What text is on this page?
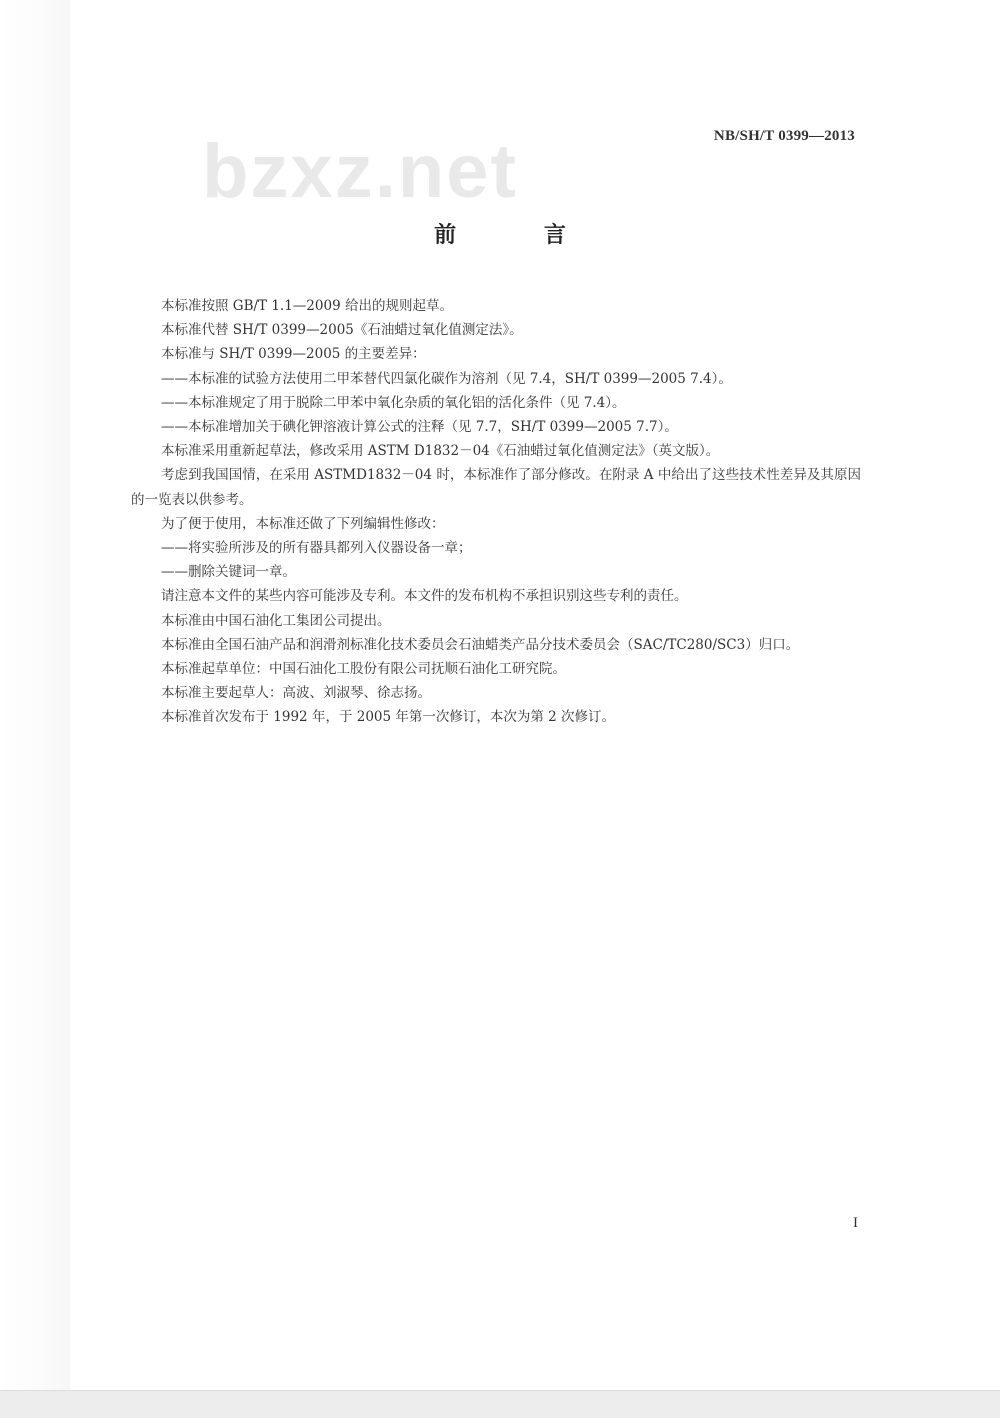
bzxz.net	NB/SH/T 0399—2013
前 言

本标准按照 GB/T 1.1—2009 给出的规则起草。

本标准代替 SH/T 0399—2005《石油蜡过氧化值测定法》。

本标准与 SH/T 0399—2005 的主要差异：

——本标准的试验方法使用二甲苯替代四氯化碳作为溶剂（见 7.4，SH/T 0399—2005 7.4）。

——本标准规定了用于脱除二甲苯中氧化杂质的氧化铝的活化条件（见 7.4）。

——本标准增加关于碘化钾溶液计算公式的注释（见 7.7，SH/T 0399—2005 7.7）。

本标准采用重新起草法，修改采用 ASTM D1832－04《石油蜡过氧化值测定法》（英文版）。

考虑到我国国情，在采用 ASTMD1832－04 时，本标准作了部分修改。在附录 A 中给出了这些技术性差异及其原因的一览表以供参考。

为了便于使用，本标准还做了下列编辑性修改：

——将实验所涉及的所有器具都列入仪器设备一章；

——删除关键词一章。

请注意本文件的某些内容可能涉及专利。本文件的发布机构不承担识别这些专利的责任。

本标准由中国石油化工集团公司提出。

本标准由全国石油产品和润滑剂标准化技术委员会石油蜡类产品分技术委员会（SAC/TC280/SC3）归口。

本标准起草单位：中国石油化工股份有限公司抚顺石油化工研究院。

本标准主要起草人：高波、刘淑琴、徐志扬。

本标准首次发布于 1992 年，于 2005 年第一次修订，本次为第 2 次修订。

I
